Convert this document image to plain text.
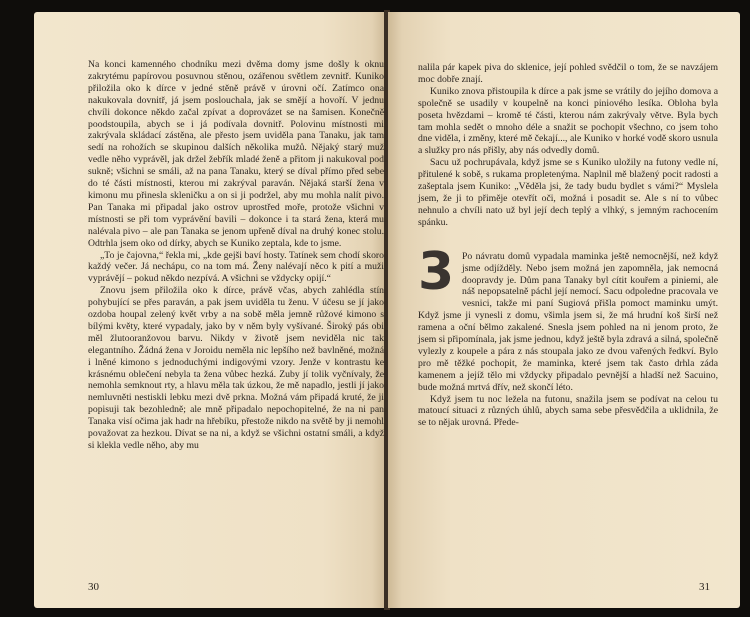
Na konci kamenného chodníku mezi dvěma domy jsme došly k oknu zakrytému papírovou posuvnou stěnou, ozářenou světlem zevnitř. Kuniko přiložila oko k dírce v jedné stěně právě v úrovni očí. Zatímco ona nakukovala dovnitř, já jsem poslouchala, jak se smějí a hovoří. V jednu chvíli dokonce někdo začal zpívat a doprovázet se na šamisen. Konečně poodstoupila, abych se i já podívala dovnitř. Polovinu místnosti mi zakrývala skládací zástěna, ale přesto jsem uviděla pana Tanaku, jak tam sedí na rohožích se skupinou dalších několika mužů. Nějaký starý muž vedle něho vyprávěl, jak držel žebřík mladé ženě a přitom ji nakukoval pod sukně; všichni se smáli, až na pana Tanaku, který se díval přímo před sebe do té části místnosti, kterou mi zakrýval paraván. Nějaká starší žena v kimonu mu přinesla skleničku a on si ji podržel, aby mu mohla nalít pivo. Pan Tanaka mi připadal jako ostrov uprostřed moře, protože všichni v místnosti se při tom vyprávění bavili – dokonce i ta stará žena, která mu nalévala pivo – ale pan Tanaka se jenom upřeně díval na druhý konec stolu. Odtrhla jsem oko od dírky, abych se Kuniko zeptala, kde to jsme.

„To je čajovna,“ řekla mi, „kde gejši baví hosty. Tatínek sem chodí skoro každý večer. Já nechápu, co na tom má. Ženy nalévají něco k pití a muži vyprávějí – pokud někdo nezpívá. A všichni se vždycky opijí.“

Znovu jsem přiložila oko k dírce, právě včas, abych zahlédla stín pohybující se přes paraván, a pak jsem uviděla tu ženu. V účesu se jí jako ozdoba houpal zelený květ vrby a na sobě měla jemně růžové kimono s bílými květy, které vypadaly, jako by v něm byly vyšívané. Široký pás obi měl žlutooranžovou barvu. Nikdy v životě jsem neviděla nic tak elegantního. Žádná žena v Joroidu neměla nic lepšího než bavlněné, možná i lněné kimono s jednoduchými indigovými vzory. Jenže v kontrastu ke krásnému oblečení nebyla ta žena vůbec hezká. Zuby jí tolik vyčnívaly, že nemohla semknout rty, a hlavu měla tak úzkou, že mě napadlo, jestli jí jako nemluvněti nestiskli lebku mezi dvě prkna. Možná vám připadá kruté, že ji popisuji tak bezohledně; ale mně připadalo nepochopitelné, že na ni pan Tanaka visí očima jak hadr na hřebíku, přestože nikdo na světě by ji nemohl považovat za hezkou. Dívat se na ni, a když se všichni ostatní smáli, a když si klekla vedle něho, aby mu

30

nalila pár kapek piva do sklenice, její pohled svědčil o tom, že se navzájem moc dobře znají.

Kuniko znova přistoupila k dírce a pak jsme se vrátily do jejího domova a společně se usadily v koupelně na konci piniového lesíka. Obloha byla poseta hvězdami – kromě té části, kterou nám zakrývaly větve. Byla bych tam mohla sedět o mnoho déle a snažit se pochopit všechno, co jsem toho dne viděla, i změny, které mě čekají..., ale Kuniko v horké vodě skoro usnula a služky pro nás přišly, aby nás odvedly domů.

Sacu už pochrupávala, když jsme se s Kuniko uložily na futony vedle ní, přitulené k sobě, s rukama propletenýma. Naplnil mě blažený pocit radosti a zašeptala jsem Kuniko: „Věděla jsi, že tady budu bydlet s vámi?“ Myslela jsem, že ji to přiměje otevřít oči, možná i posadit se. Ale s ní to vůbec nehnulo a chvíli nato už byl její dech teplý a vlhký, s jemným rachocením spánku.

3 Po návratu domů vypadala maminka ještě nemocnější, než když jsme odjížděly. Nebo jsem možná jen zapomněla, jak nemocná doopravdy je. Dům pana Tanaky byl cítit kouřem a piniemi, ale náš nepopsatelně páchl její nemocí. Sacu odpoledne pracovala ve vesnici, takže mi paní Sugiová přišla pomoct maminku umýt. Když jsme ji vynesli z domu, všimla jsem si, že má hrudní koš širší než ramena a oční bělmo zakalené. Snesla jsem pohled na ni jenom proto, že jsem si připomínala, jak jsme jednou, když ještě byla zdravá a silná, společně vylezly z koupele a pára z nás stoupala jako ze dvou vařených ředkví. Bylo pro mě těžké pochopit, že maminka, které jsem tak často drhla záda kamenem a jejíž tělo mi vždycky připadalo pevnější a hladší než Sacuino, bude možná mrtvá dřív, než skončí léto.

Když jsem tu noc ležela na futonu, snažila jsem se podívat na celou tu matoucí situaci z různých úhlů, abych sama sebe přesvědčila a uklidnila, že se to nějak urovná. Přede-

31
